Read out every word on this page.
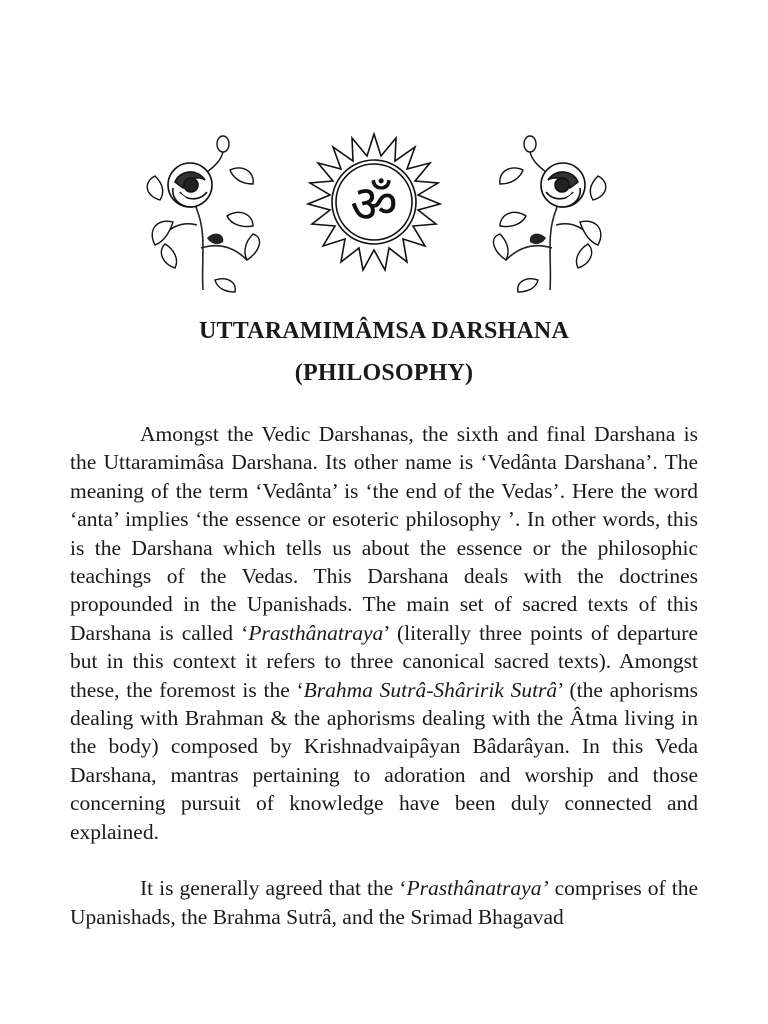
ॐ
UTTARAMIMÂMSA DARSHANA
(PHILOSOPHY)

Amongst the Vedic Darshanas, the sixth and final Darshana is the Uttaramimâsa Darshana. Its other name is ‘Vedânta Darshana’. The meaning of the term ‘Vedânta’ is ‘the end of the Vedas’. Here the word ‘anta’ implies ‘the essence or esoteric philosophy ’. In other words, this is the Darshana which tells us about the essence or the philosophic teachings of the Vedas. This Darshana deals with the doctrines propounded in the Upanishads. The main set of sacred texts of this Darshana is called ‘Prasthânatraya’ (literally three points of departure but in this context it refers to three canonical sacred texts). Amongst these, the foremost is the ‘Brahma Sutrâ-Shâririk Sutrâ’ (the aphorisms dealing with Brahman & the aphorisms dealing with the Âtma living in the body) composed by Krishnadvaipâyan Bâdarâyan. In this Veda Darshana, mantras pertaining to adoration and worship and those concerning pursuit of knowledge have been duly connected and explained.

It is generally agreed that the ‘Prasthânatraya’ comprises of the Upanishads, the Brahma Sutrâ, and the Srimad Bhagavad
